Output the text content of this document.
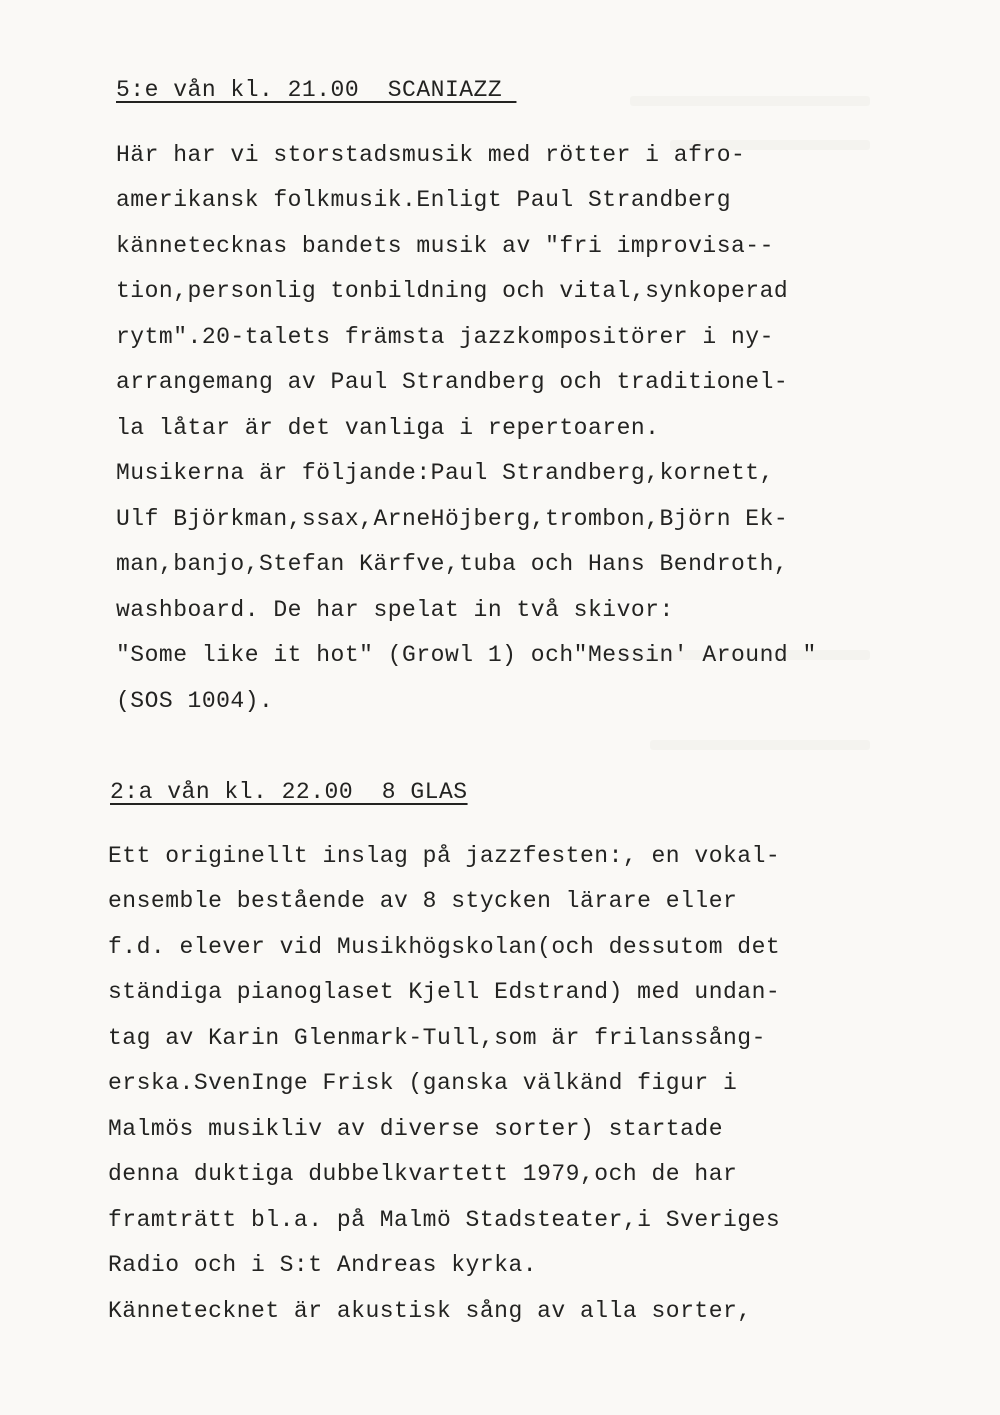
5:e vån kl. 21.00  SCANIAZZ
Här har vi storstadsmusik med rötter i afro-
amerikansk folkmusik.Enligt Paul Strandberg
kännetecknas bandets musik av "fri improvisa--
tion,personlig tonbildning och vital,synkoperad
rytm".20-talets främsta jazzkompositörer i ny-
arrangemang av Paul Strandberg och traditionel-
la låtar är det vanliga i repertoaren.
Musikerna är följande:Paul Strandberg,kornett,
Ulf Björkman,ssax,ArneHöjberg,trombon,Björn Ek-
man,banjo,Stefan Kärfve,tuba och Hans Bendroth,
washboard. De har spelat in två skivor:
"Some like it hot" (Growl 1) och"Messin' Around "
(SOS 1004).
2:a vån kl. 22.00  8 GLAS
Ett originellt inslag på jazzfesten:, en vokal-
ensemble bestående av 8 stycken lärare eller
f.d. elever vid Musikhögskolan(och dessutom det
ständiga pianoglaset Kjell Edstrand) med undan-
tag av Karin Glenmark-Tull,som är frilanssång-
erska.SvenInge Frisk (ganska välkänd figur i
Malmös musikliv av diverse sorter) startade
denna duktiga dubbelkvartett 1979,och de har
framträtt bl.a. på Malmö Stadsteater,i Sveriges
Radio och i S:t Andreas kyrka.
Kännetecknet är akustisk sång av alla sorter,
